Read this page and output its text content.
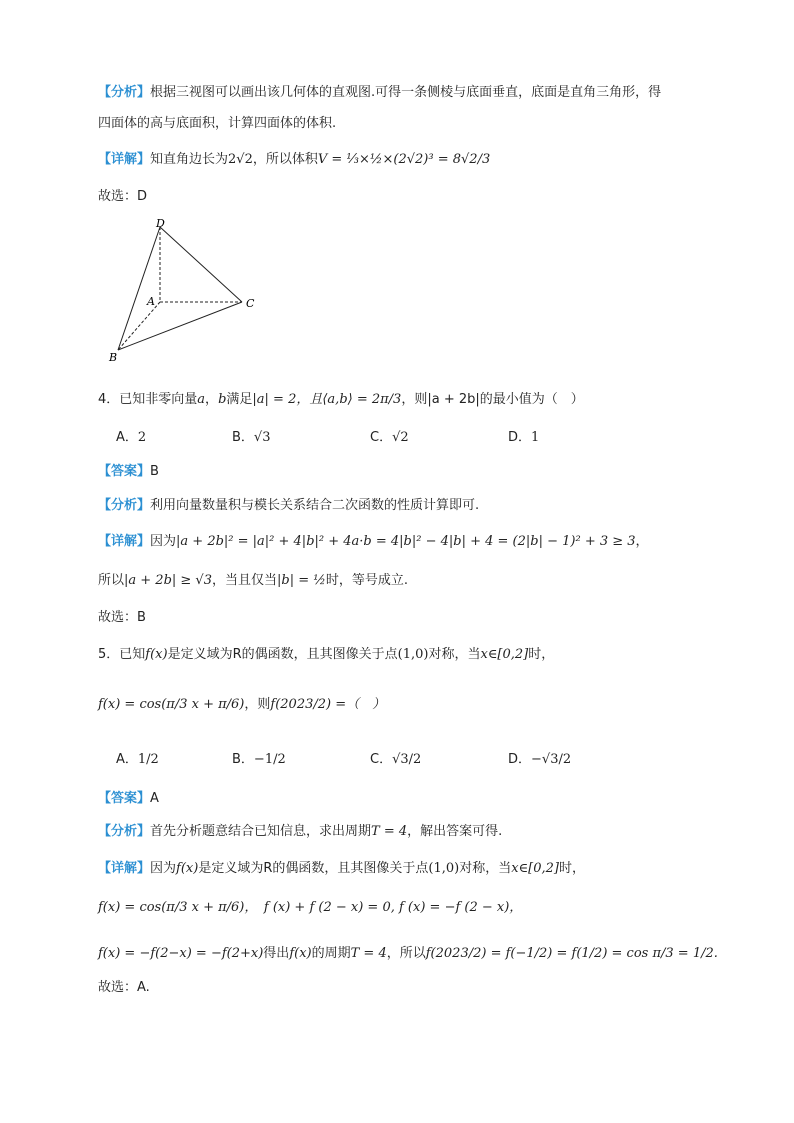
【分析】根据三视图可以画出该几何体的直观图.可得一条侧棱与底面垂直，底面是直角三角形，得
四面体的高与底面积，计算四面体的体积.
【详解】知直角边长为2√2，所以体积V = ⅓×½×(2√2)³ = 8√2/3
故选：D
D
A	C
B
4．已知非零向量a，b满足|a| = 2，且⟨a,b⟩ = 2π/3，则|a + 2b|的最小值为（　）
A．2	B．√3	C．√2	D．1
【答案】B
【分析】利用向量数量积与模长关系结合二次函数的性质计算即可.
【详解】因为|a + 2b|² = |a|² + 4|b|² + 4a·b = 4|b|² − 4|b| + 4 = (2|b| − 1)² + 3 ≥ 3，
所以|a + 2b| ≥ √3，当且仅当|b| = ½时，等号成立.
故选：B
5．已知f(x)是定义域为R的偶函数，且其图像关于点(1,0)对称，当x∈[0,2]时，
f(x) = cos(π/3 x + π/6)，则f(2023/2) =（　）
A．1/2	B．−1/2	C．√3/2	D．−√3/2
【答案】A
【分析】首先分析题意结合已知信息，求出周期T = 4，解出答案可得.
【详解】因为f(x)是定义域为R的偶函数，且其图像关于点(1,0)对称，当x∈[0,2]时，
f(x) = cos(π/3 x + π/6)，　f (x) + f (2 − x) = 0, f (x) = −f (2 − x)，
f(x) = −f(2−x) = −f(2+x)得出f(x)的周期T = 4，所以f(2023/2) = f(−1/2) = f(1/2) = cos π/3 = 1/2.
故选：A.
